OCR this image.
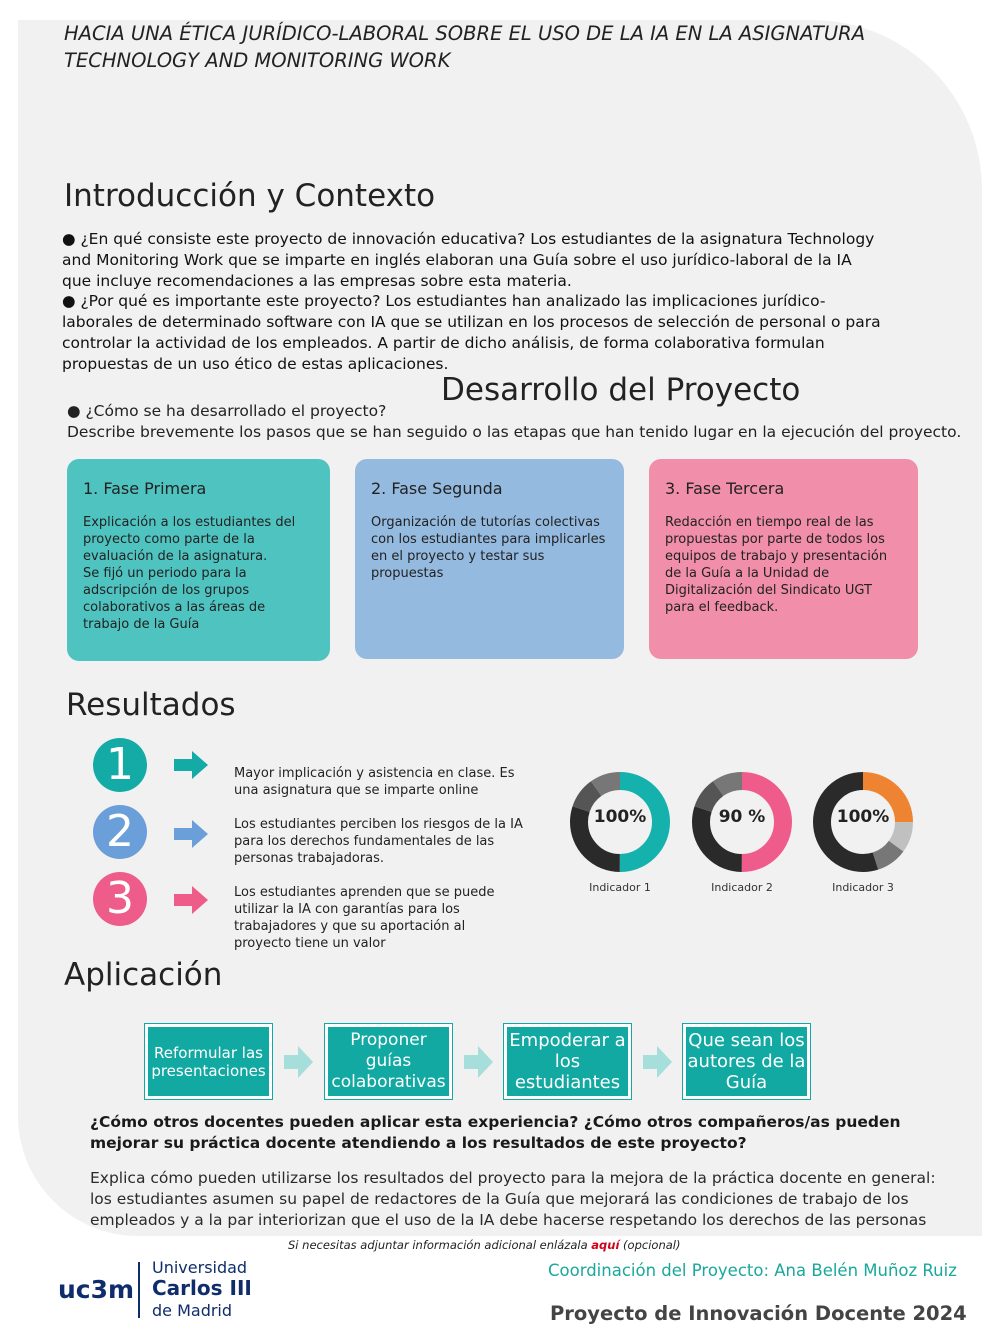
HACIA UNA ÉTICA JURÍDICO-LABORAL SOBRE EL USO DE LA IA EN LA ASIGNATURA
TECHNOLOGY AND MONITORING WORK
Introducción y Contexto
● ¿En qué consiste este proyecto de innovación educativa? Los estudiantes de la asignatura Technology and Monitoring Work que se imparte en inglés elaboran una Guía sobre el uso jurídico-laboral de la IA que incluye recomendaciones a las empresas sobre esta materia.
● ¿Por qué es importante este proyecto? Los estudiantes han analizado las implicaciones jurídico-laborales de determinado software con IA que se utilizan en los procesos de selección de personal o para controlar la actividad de los empleados. A partir de dicho análisis, de forma colaborativa formulan propuestas de un uso ético de estas aplicaciones.
Desarrollo del Proyecto
● ¿Cómo se ha desarrollado el proyecto?
Describe brevemente los pasos que se han seguido o las etapas que han tenido lugar en la ejecución del proyecto.
1. Fase Primera
Explicación a los estudiantes del proyecto como parte de la evaluación de la asignatura.
Se fijó un periodo para la adscripción de los grupos colaborativos a las áreas de trabajo de la Guía
2. Fase Segunda
Organización de tutorías colectivas con los estudiantes para implicarles en el proyecto y testar sus propuestas
3. Fase Tercera
Redacción en tiempo real de las propuestas por parte de todos los equipos de trabajo y presentación de la Guía a la Unidad de Digitalización del Sindicato UGT para el feedback.
Resultados
1
2
3
Mayor implicación y asistencia en clase. Es una asignatura que se imparte online
Los estudiantes perciben los riesgos de la IA para los derechos fundamentales de las personas trabajadoras.
Los estudiantes aprenden que se puede utilizar la IA con garantías para los trabajadores y que su aportación al proyecto tiene un valor
100%
Indicador 1
90 %
Indicador 2
100%
Indicador 3
Aplicación
Reformular las presentaciones
Proponer guías colaborativas
Empoderar a los estudiantes
Que sean los autores de la Guía
¿Cómo otros docentes pueden aplicar esta experiencia? ¿Cómo otros compañeros/as pueden mejorar su práctica docente atendiendo a los resultados de este proyecto?
Explica cómo pueden utilizarse los resultados del proyecto para la mejora de la práctica docente en general: los estudiantes asumen su papel de redactores de la Guía que mejorará las condiciones de trabajo de los empleados y a la par interiorizan que el uso de la IA debe hacerse respetando los derechos de las personas
Si necesitas adjuntar información adicional enlázala aquí (opcional)
uc3m
Universidad
Carlos III
de Madrid
Coordinación del Proyecto: Ana Belén Muñoz Ruiz
Proyecto de Innovación Docente 2024
